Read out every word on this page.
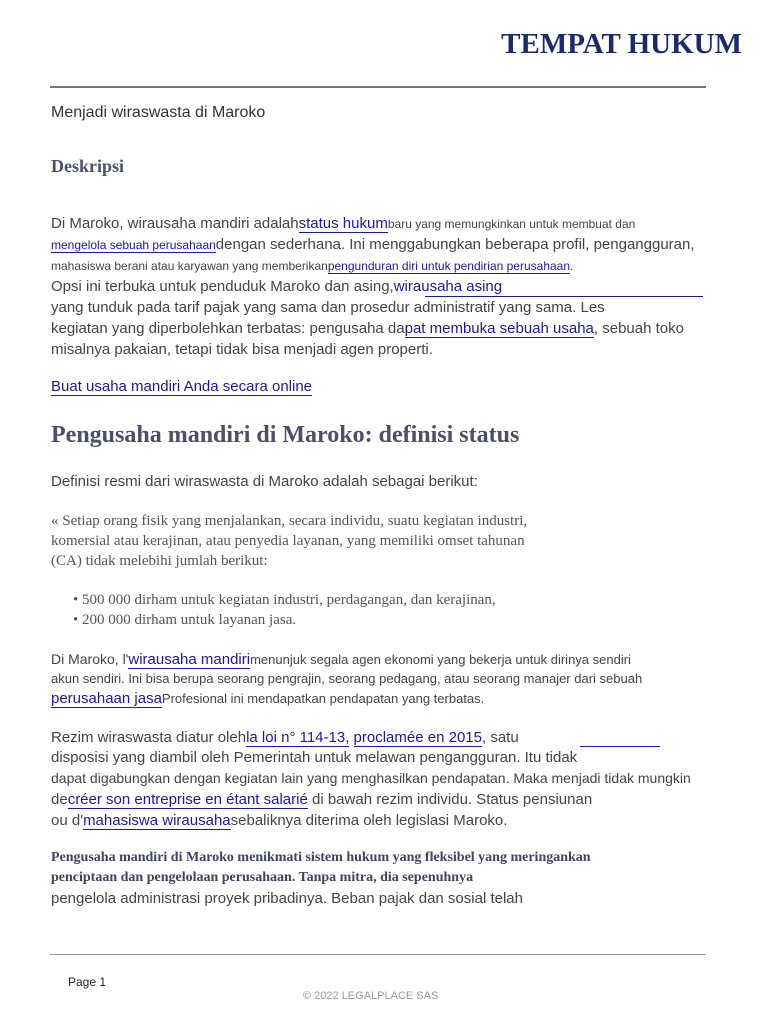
TEMPAT HUKUM
Menjadi wiraswasta di Maroko
Deskripsi
Di Maroko, wirausaha mandiri adalahstatus hukumbaru yang memungkinkan untuk membuat dan
mengelola sebuah perusahaandengan sederhana. Ini menggabungkan beberapa profil, pengangguran,
mahasiswa berani atau karyawan yang memberikanpengunduran diri untuk pendirian perusahaan.
Opsi ini terbuka untuk penduduk Maroko dan asing,wirausaha asing
yang tunduk pada tarif pajak yang sama dan prosedur administratif yang sama. Les
kegiatan yang diperbolehkan terbatas: pengusaha dapat membuka sebuah usaha, sebuah toko
misalnya pakaian, tetapi tidak bisa menjadi agen properti.
Buat usaha mandiri Anda secara online
Pengusaha mandiri di Maroko: definisi status
Definisi resmi dari wiraswasta di Maroko adalah sebagai berikut:
« Setiap orang fisik yang menjalankan, secara individu, suatu kegiatan industri,
komersial atau kerajinan, atau penyedia layanan, yang memiliki omset tahunan
(CA) tidak melebihi jumlah berikut:
• 500 000 dirham untuk kegiatan industri, perdagangan, dan kerajinan,
• 200 000 dirham untuk layanan jasa.
Di Maroko, l'wirausaha mandirimenunjuk segala agen ekonomi yang bekerja untuk dirinya sendiri
akun sendiri. Ini bisa berupa seorang pengrajin, seorang pedagang, atau seorang manajer dari sebuah
perusahaan jasaProfesional ini mendapatkan pendapatan yang terbatas.
Rezim wiraswasta diatur olehla loi n° 114-13, proclamée en 2015, satu
disposisi yang diambil oleh Pemerintah untuk melawan pengangguran. Itu tidak
dapat digabungkan dengan kegiatan lain yang menghasilkan pendapatan. Maka menjadi tidak mungkin
decréer son entreprise en étant salarié di bawah rezim individu. Status pensiunan
ou d'mahasiswa wirausahasebaliknya diterima oleh legislasi Maroko.
Pengusaha mandiri di Maroko menikmati sistem hukum yang fleksibel yang meringankan
penciptaan dan pengelolaan perusahaan. Tanpa mitra, dia sepenuhnya
pengelola administrasi proyek pribadinya. Beban pajak dan sosial telah
Page 1
© 2022 LEGALPLACE SAS
